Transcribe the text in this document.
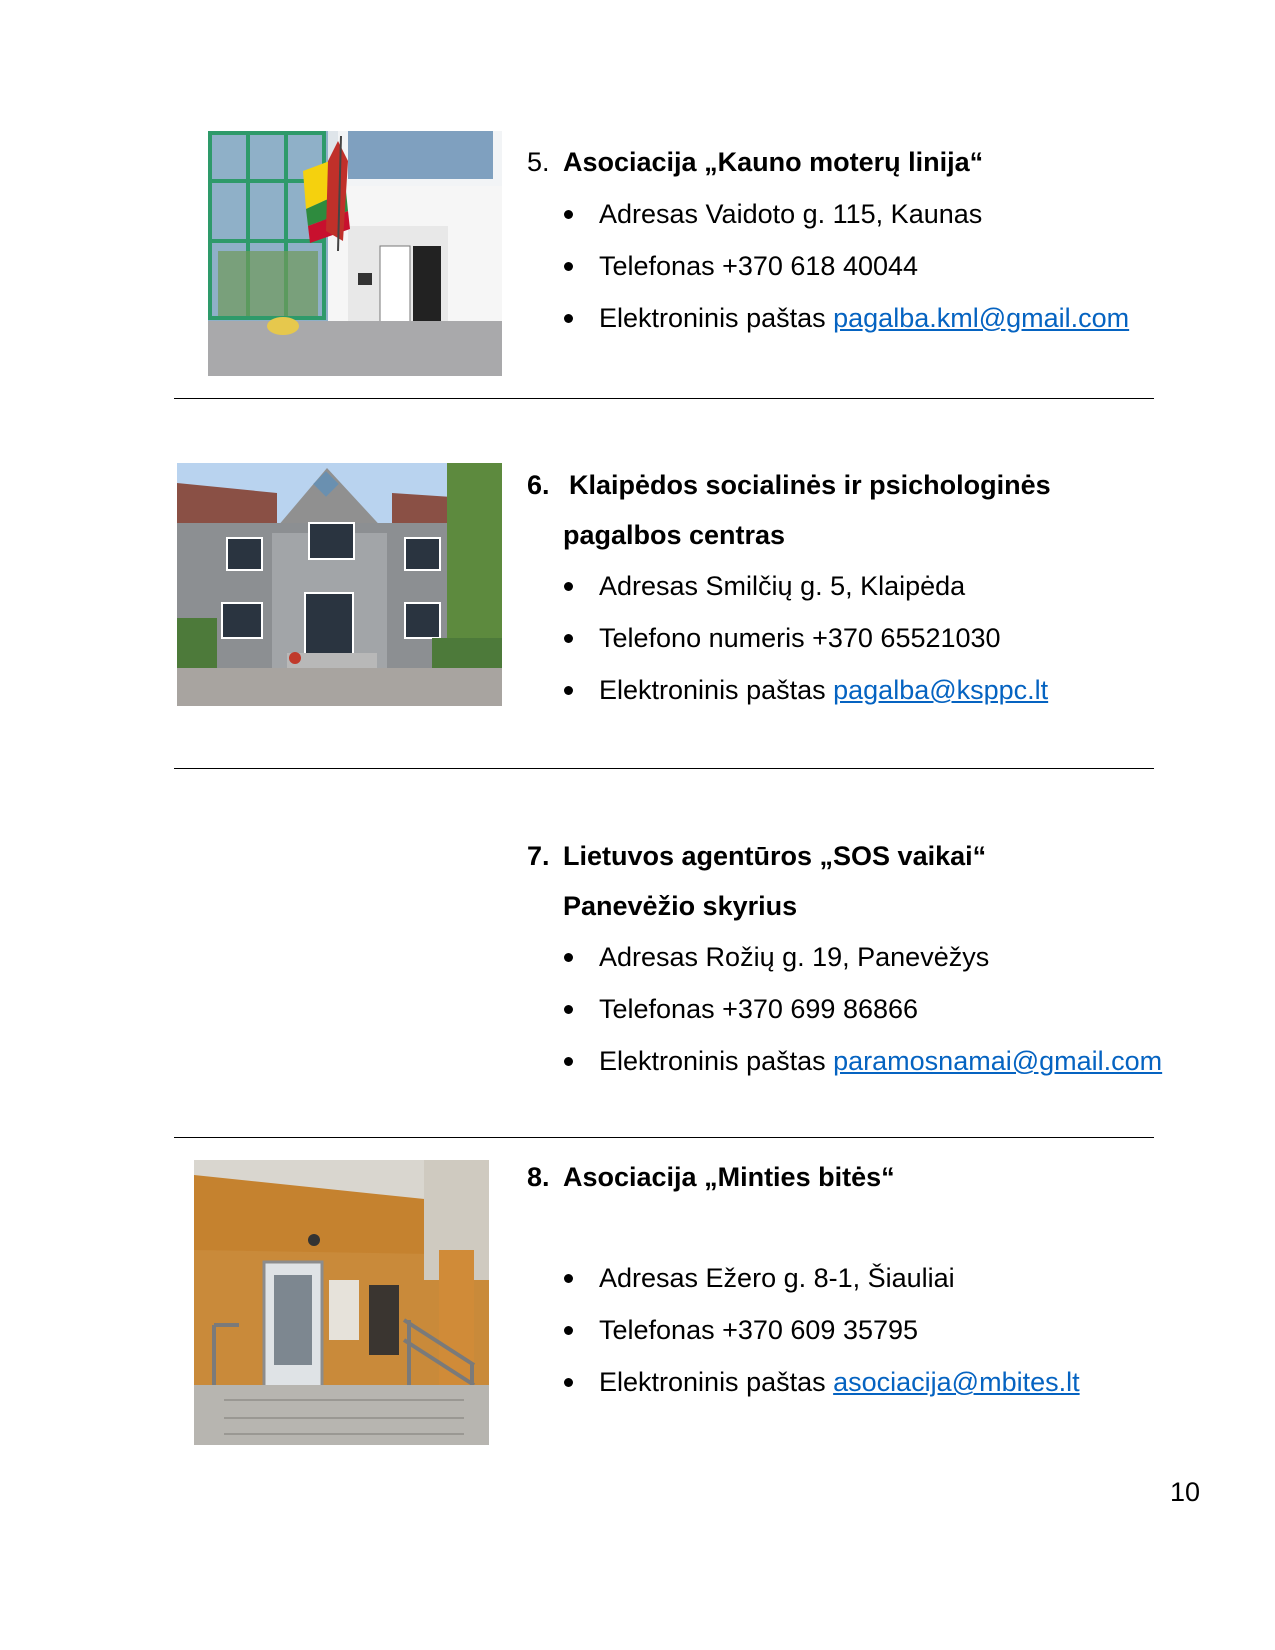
5. Asociacija „Kauno moterų linija“
Adresas Vaidoto g. 115, Kaunas
Telefonas +370 618 40044
Elektroninis paštas pagalba.kml@gmail.com
6. Klaipėdos socialinės ir psichologinės
pagalbos centras
Adresas Smilčių g. 5, Klaipėda
Telefono numeris +370 65521030
Elektroninis paštas pagalba@ksppc.lt
7. Lietuvos agentūros „SOS vaikai“
Panevėžio skyrius
Adresas Rožių g. 19, Panevėžys
Telefonas +370 699 86866
Elektroninis paštas paramosnamai@gmail.com
8. Asociacija „Minties bitės“
Adresas Ežero g. 8-1, Šiauliai
Telefonas +370 609 35795
Elektroninis paštas asociacija@mbites.lt
10
